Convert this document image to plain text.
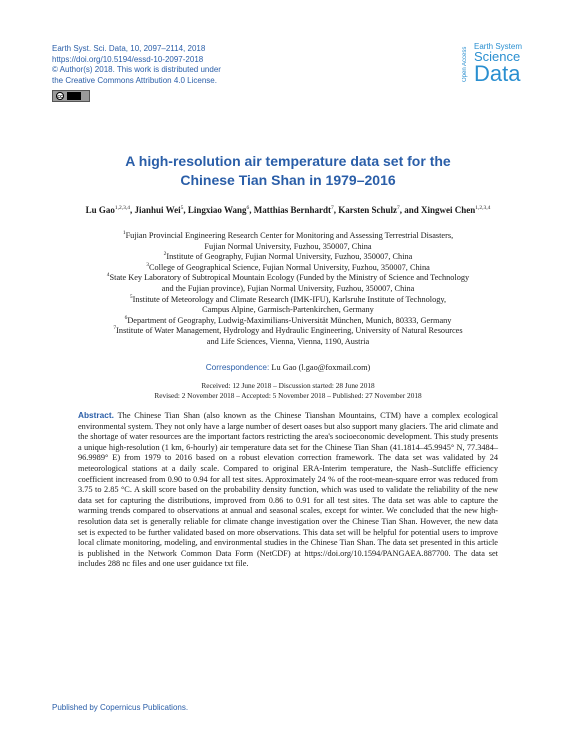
Earth Syst. Sci. Data, 10, 2097–2114, 2018
https://doi.org/10.5194/essd-10-2097-2018
© Author(s) 2018. This work is distributed under
the Creative Commons Attribution 4.0 License.
cc
Open Access Earth System
Science
Data
A high-resolution air temperature data set for the
Chinese Tian Shan in 1979–2016
Lu Gao$^{1,2,3,4}$, Jianhui Wei$^5$, Lingxiao Wang$^6$, Matthias Bernhardt$^7$, Karsten Schulz$^7$, and Xingwei Chen$^{1,2,3,4}$
$^1$Fujian Provincial Engineering Research Center for Monitoring and Assessing Terrestrial Disasters,
Fujian Normal University, Fuzhou, 350007, China
$^2$Institute of Geography, Fujian Normal University, Fuzhou, 350007, China
$^3$College of Geographical Science, Fujian Normal University, Fuzhou, 350007, China
$^4$State Key Laboratory of Subtropical Mountain Ecology (Funded by the Ministry of Science and Technology
and the Fujian province), Fujian Normal University, Fuzhou, 350007, China
$^5$Institute of Meteorology and Climate Research (IMK-IFU), Karlsruhe Institute of Technology,
Campus Alpine, Garmisch-Partenkirchen, Germany
$^6$Department of Geography, Ludwig-Maximilians-Universität München, Munich, 80333, Germany
$^7$Institute of Water Management, Hydrology and Hydraulic Engineering, University of Natural Resources
and Life Sciences, Vienna, Vienna, 1190, Austria
Correspondence: Lu Gao (l.gao@foxmail.com)
Received: 12 June 2018 – Discussion started: 28 June 2018
Revised: 2 November 2018 – Accepted: 5 November 2018 – Published: 27 November 2018
Abstract. The Chinese Tian Shan (also known as the Chinese Tianshan Mountains, CTM) have a complex ecological environmental system. They not only have a large number of desert oases but also support many glaciers. The arid climate and the shortage of water resources are the important factors restricting the area's socioeconomic development. This study presents a unique high-resolution (1 km, 6-hourly) air temperature data set for the Chinese Tian Shan (41.1814–45.9945° N, 77.3484–96.9989° E) from 1979 to 2016 based on a robust elevation correction framework. The data set was validated by 24 meteorological stations at a daily scale. Compared to original ERA-Interim temperature, the Nash–Sutcliffe efficiency coefficient increased from 0.90 to 0.94 for all test sites. Approximately 24 % of the root-mean-square error was reduced from 3.75 to 2.85 °C. A skill score based on the probability density function, which was used to validate the reliability of the new data set for capturing the distributions, improved from 0.86 to 0.91 for all test sites. The data set was able to capture the warming trends compared to observations at annual and seasonal scales, except for winter. We concluded that the new high-resolution data set is generally reliable for climate change investigation over the Chinese Tian Shan. However, the new data set is expected to be further validated based on more observations. This data set will be helpful for potential users to improve local climate monitoring, modeling, and environmental studies in the Chinese Tian Shan. The data set presented in this article is published in the Network Common Data Form (NetCDF) at https://doi.org/10.1594/PANGAEA.887700. The data set includes 288 nc files and one user guidance txt file.
Published by Copernicus Publications.
